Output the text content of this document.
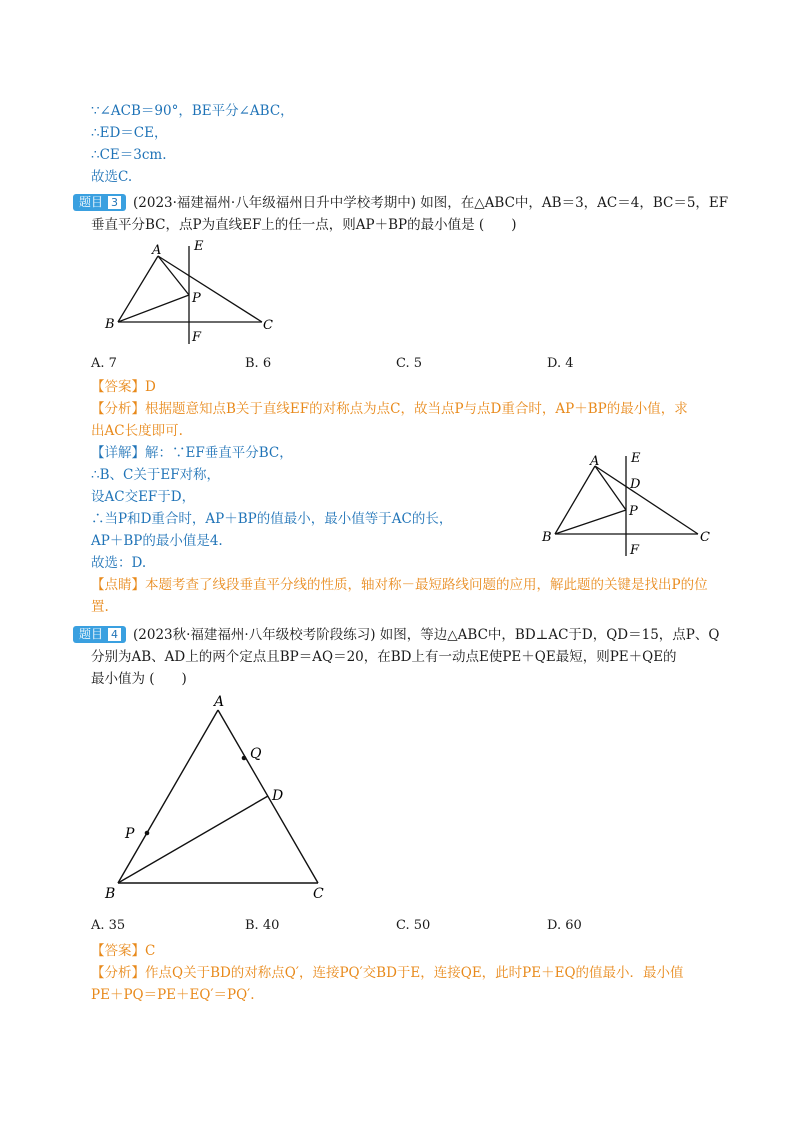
∵∠ACB＝90°，BE平分∠ABC，
∴ED＝CE，
∴CE＝3cm.
故选C.
题目 3	(2023·福建福州·八年级福州日升中学校考期中) 如图，在△ABC中，AB＝3，AC＝4，BC＝5，EF
垂直平分BC，点P为直线EF上的任一点，则AP＋BP的最小值是 (　　)
A	E
P
B	C
F
A. 7	B. 6	C. 5	D. 4
【答案】D
【分析】根据题意知点B关于直线EF的对称点为点C，故当点P与点D重合时，AP＋BP的最小值，求
出AC长度即可.
【详解】解：∵EF垂直平分BC，
∴B、C关于EF对称，
设AC交EF于D，
∴当P和D重合时，AP＋BP的值最小，最小值等于AC的长，
AP＋BP的最小值是4.
故选：D.
A E
D
P
B	C
F
【点睛】本题考查了线段垂直平分线的性质，轴对称－最短路线问题的应用，解此题的关键是找出P的位
置.
题目 4	(2023秋·福建福州·八年级校考阶段练习) 如图，等边△ABC中，BD⊥AC于D，QD＝15，点P、Q
分别为AB、AD上的两个定点且BP＝AQ＝20，在BD上有一动点E使PE＋QE最短，则PE＋QE的
最小值为 (　　)
A
Q
D
P
B	C
A. 35	B. 40	C. 50	D. 60
【答案】C
【分析】作点Q关于BD的对称点Q′，连接PQ′交BD于E，连接QE，此时PE＋EQ的值最小．最小值
PE＋PQ＝PE＋EQ′＝PQ′.
